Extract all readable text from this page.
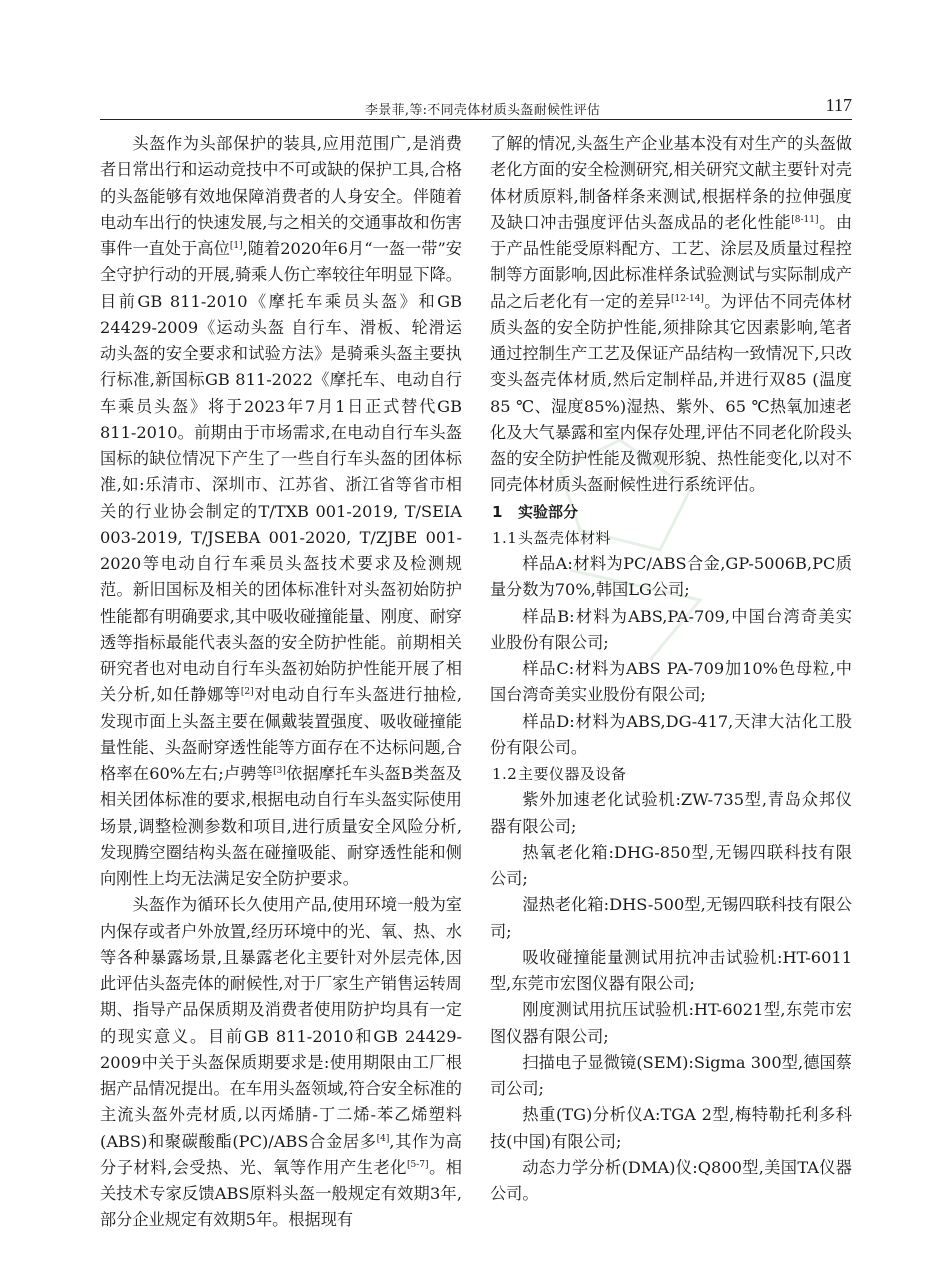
李景菲,等:不同壳体材质头盔耐候性评估	117

头盔作为头部保护的装具,应用范围广,是消费者日常出行和运动竞技中不可或缺的保护工具,合格的头盔能够有效地保障消费者的人身安全。伴随着电动车出行的快速发展,与之相关的交通事故和伤害事件一直处于高位[1],随着2020年6月“一盔一带”安全守护行动的开展,骑乘人伤亡率较往年明显下降。目前GB 811-2010《摩托车乘员头盔》和GB 24429-2009《运动头盔 自行车、滑板、轮滑运动头盔的安全要求和试验方法》是骑乘头盔主要执行标准,新国标GB 811-2022《摩托车、电动自行车乘员头盔》将于2023年7月1日正式替代GB 811-2010。前期由于市场需求,在电动自行车头盔国标的缺位情况下产生了一些自行车头盔的团体标准,如:乐清市、深圳市、江苏省、浙江省等省市相关的行业协会制定的T/TXB 001-2019, T/SEIA 003-2019, T/JSEBA 001-2020, T/ZJBE 001-2020等电动自行车乘员头盔技术要求及检测规范。新旧国标及相关的团体标准针对头盔初始防护性能都有明确要求,其中吸收碰撞能量、刚度、耐穿透等指标最能代表头盔的安全防护性能。前期相关研究者也对电动自行车头盔初始防护性能开展了相关分析,如任静娜等[2]对电动自行车头盔进行抽检,发现市面上头盔主要在佩戴装置强度、吸收碰撞能量性能、头盔耐穿透性能等方面存在不达标问题,合格率在60%左右;卢骋等[3]依据摩托车头盔B类盔及相关团体标准的要求,根据电动自行车头盔实际使用场景,调整检测参数和项目,进行质量安全风险分析,发现腾空圈结构头盔在碰撞吸能、耐穿透性能和侧向刚性上均无法满足安全防护要求。

头盔作为循环长久使用产品,使用环境一般为室内保存或者户外放置,经历环境中的光、氧、热、水等各种暴露场景,且暴露老化主要针对外层壳体,因此评估头盔壳体的耐候性,对于厂家生产销售运转周期、指导产品保质期及消费者使用防护均具有一定的现实意义。目前GB 811-2010和GB 24429-2009中关于头盔保质期要求是:使用期限由工厂根据产品情况提出。在车用头盔领域,符合安全标准的主流头盔外壳材质,以丙烯腈-丁二烯-苯乙烯塑料(ABS)和聚碳酸酯(PC)/ABS合金居多[4],其作为高分子材料,会受热、光、氧等作用产生老化[5-7]。相关技术专家反馈ABS原料头盔一般规定有效期3年,部分企业规定有效期5年。根据现有

了解的情况,头盔生产企业基本没有对生产的头盔做老化方面的安全检测研究,相关研究文献主要针对壳体材质原料,制备样条来测试,根据样条的拉伸强度及缺口冲击强度评估头盔成品的老化性能[8-11]。由于产品性能受原料配方、工艺、涂层及质量过程控制等方面影响,因此标准样条试验测试与实际制成产品之后老化有一定的差异[12-14]。为评估不同壳体材质头盔的安全防护性能,须排除其它因素影响,笔者通过控制生产工艺及保证产品结构一致情况下,只改变头盔壳体材质,然后定制样品,并进行双85 (温度85 ℃、湿度85%)湿热、紫外、65 ℃热氧加速老化及大气暴露和室内保存处理,评估不同老化阶段头盔的安全防护性能及微观形貌、热性能变化,以对不同壳体材质头盔耐候性进行系统评估。

1 实验部分

1.1头盔壳体材料

样品A:材料为PC/ABS合金,GP-5006B,PC质量分数为70%,韩国LG公司;

样品B:材料为ABS,PA-709,中国台湾奇美实业股份有限公司;

样品C:材料为ABS PA-709加10%色母粒,中国台湾奇美实业股份有限公司;

样品D:材料为ABS,DG-417,天津大沽化工股份有限公司。

1.2主要仪器及设备

紫外加速老化试验机:ZW-735型,青岛众邦仪器有限公司;

热氧老化箱:DHG-850型,无锡四联科技有限公司;

湿热老化箱:DHS-500型,无锡四联科技有限公司;

吸收碰撞能量测试用抗冲击试验机:HT-6011型,东莞市宏图仪器有限公司;

刚度测试用抗压试验机:HT-6021型,东莞市宏图仪器有限公司;

扫描电子显微镜(SEM):Sigma 300型,德国蔡司公司;

热重(TG)分析仪A:TGA 2型,梅特勒托利多科技(中国)有限公司;

动态力学分析(DMA)仪:Q800型,美国TA仪器公司。
